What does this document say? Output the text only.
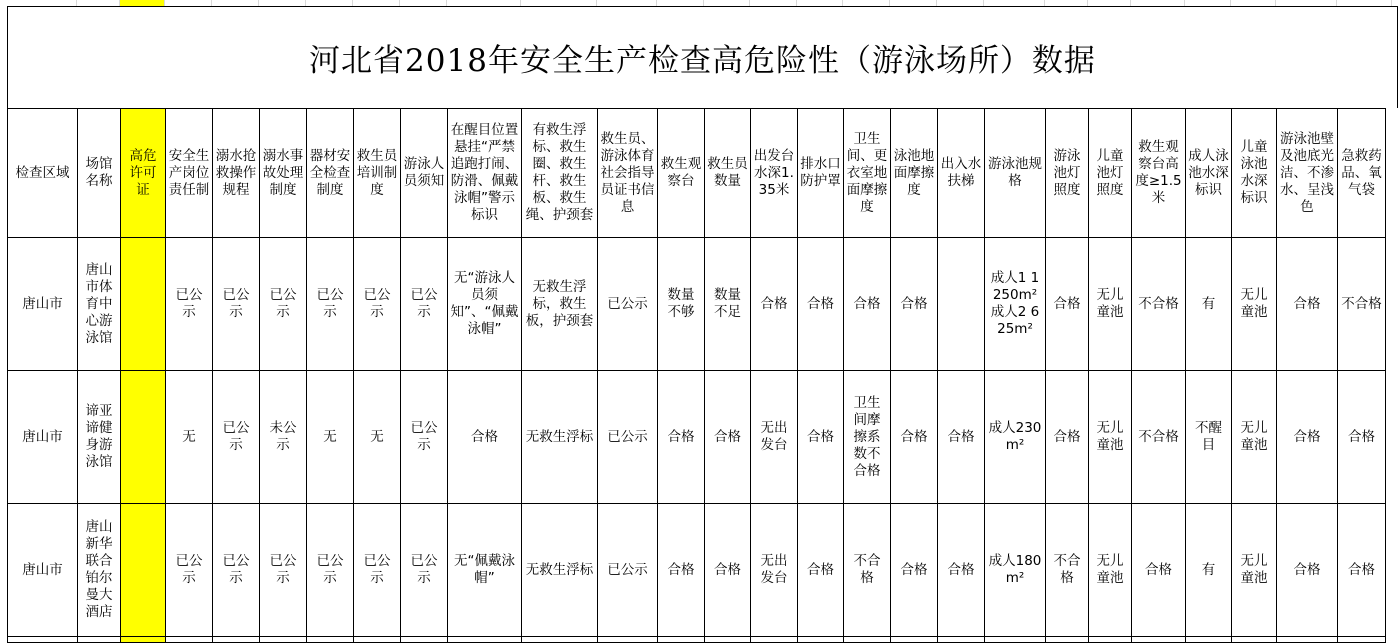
河北省2018年安全生产检查高危险性（游泳场所）数据
检查区域	场馆名称	高危许可证	安全生产岗位责任制	溺水抢救操作规程	溺水事故处理制度	器材安全检查制度	救生员培训制度	游泳人员须知	在醒目位置悬挂“严禁追跑打闹、防滑、佩戴泳帽”警示标识	有救生浮标、救生圈、救生杆、救生板、救生绳、护颈套	救生员、游泳体育社会指导员证书信息	救生观察台	救生员数量	出发台水深1.35米	排水口防护罩	卫生间、更衣室地面摩擦度	泳池地面摩擦度	出入水扶梯	游泳池规格	游泳池灯照度	儿童池灯照度	救生观察台高度≥1.5米	成人泳池水深标识	儿童泳池水深标识	游泳池壁及池底光洁、不渗水、呈浅色	急救药品、氧气袋
唐山市	唐山市体育中心游泳馆		已公示	已公示	已公示	已公示	已公示	已公示	无“游泳人员须知”、“佩戴泳帽”	无救生浮标，救生板，护颈套	已公示	数量不够	数量不足	合格	合格	合格	合格		成人1 1250m² 成人2 625m²	合格	无儿童池	不合格	有	无儿童池	合格	不合格
唐山市	谛亚谛健身游泳馆		无	已公示	未公示	无	无	已公示	合格	无救生浮标	已公示	合格	合格	无出发台	合格	卫生间摩擦系数不合格	合格	合格	成人230m²	合格	无儿童池	不合格	不醒目	无儿童池	合格	合格
唐山市	唐山新华联合铂尔曼大酒店		已公示	已公示	已公示	已公示	已公示	已公示	无“佩戴泳帽”	无救生浮标	已公示	合格	合格	无出发台	合格	不合格	合格	合格	成人180m²	不合格	无儿童池	合格	有	无儿童池	合格	合格
